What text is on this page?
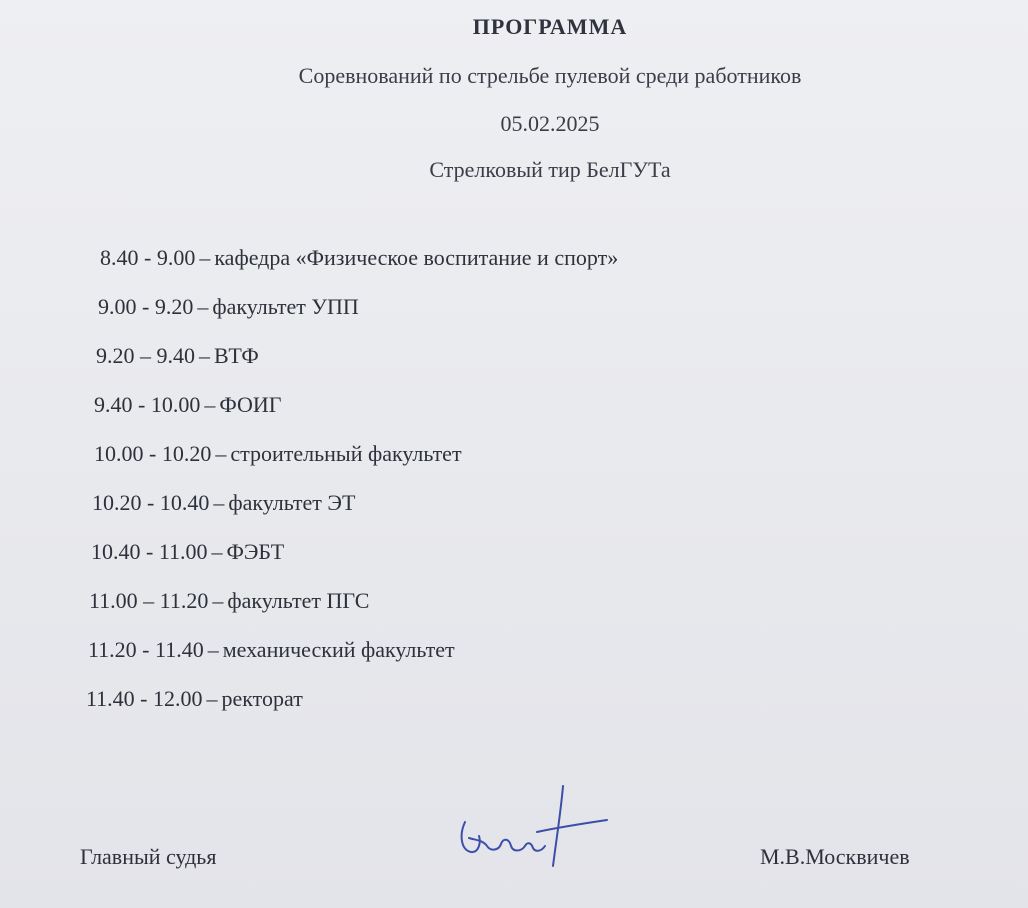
ПРОГРАММА
Соревнований по стрельбе пулевой среди работников
05.02.2025
Стрелковый тир БелГУТа
8.40 - 9.00 – кафедра «Физическое воспитание и спорт»
9.00 - 9.20 – факультет УПП
9.20 – 9.40 – ВТФ
9.40 - 10.00 – ФОИГ
10.00 - 10.20 – строительный факультет
10.20 - 10.40 – факультет ЭТ
10.40 - 11.00 – ФЭБТ
11.00 – 11.20 – факультет ПГС
11.20 - 11.40 – механический факультет
11.40 - 12.00 – ректорат
Главный судья	М.В.Москвичев
